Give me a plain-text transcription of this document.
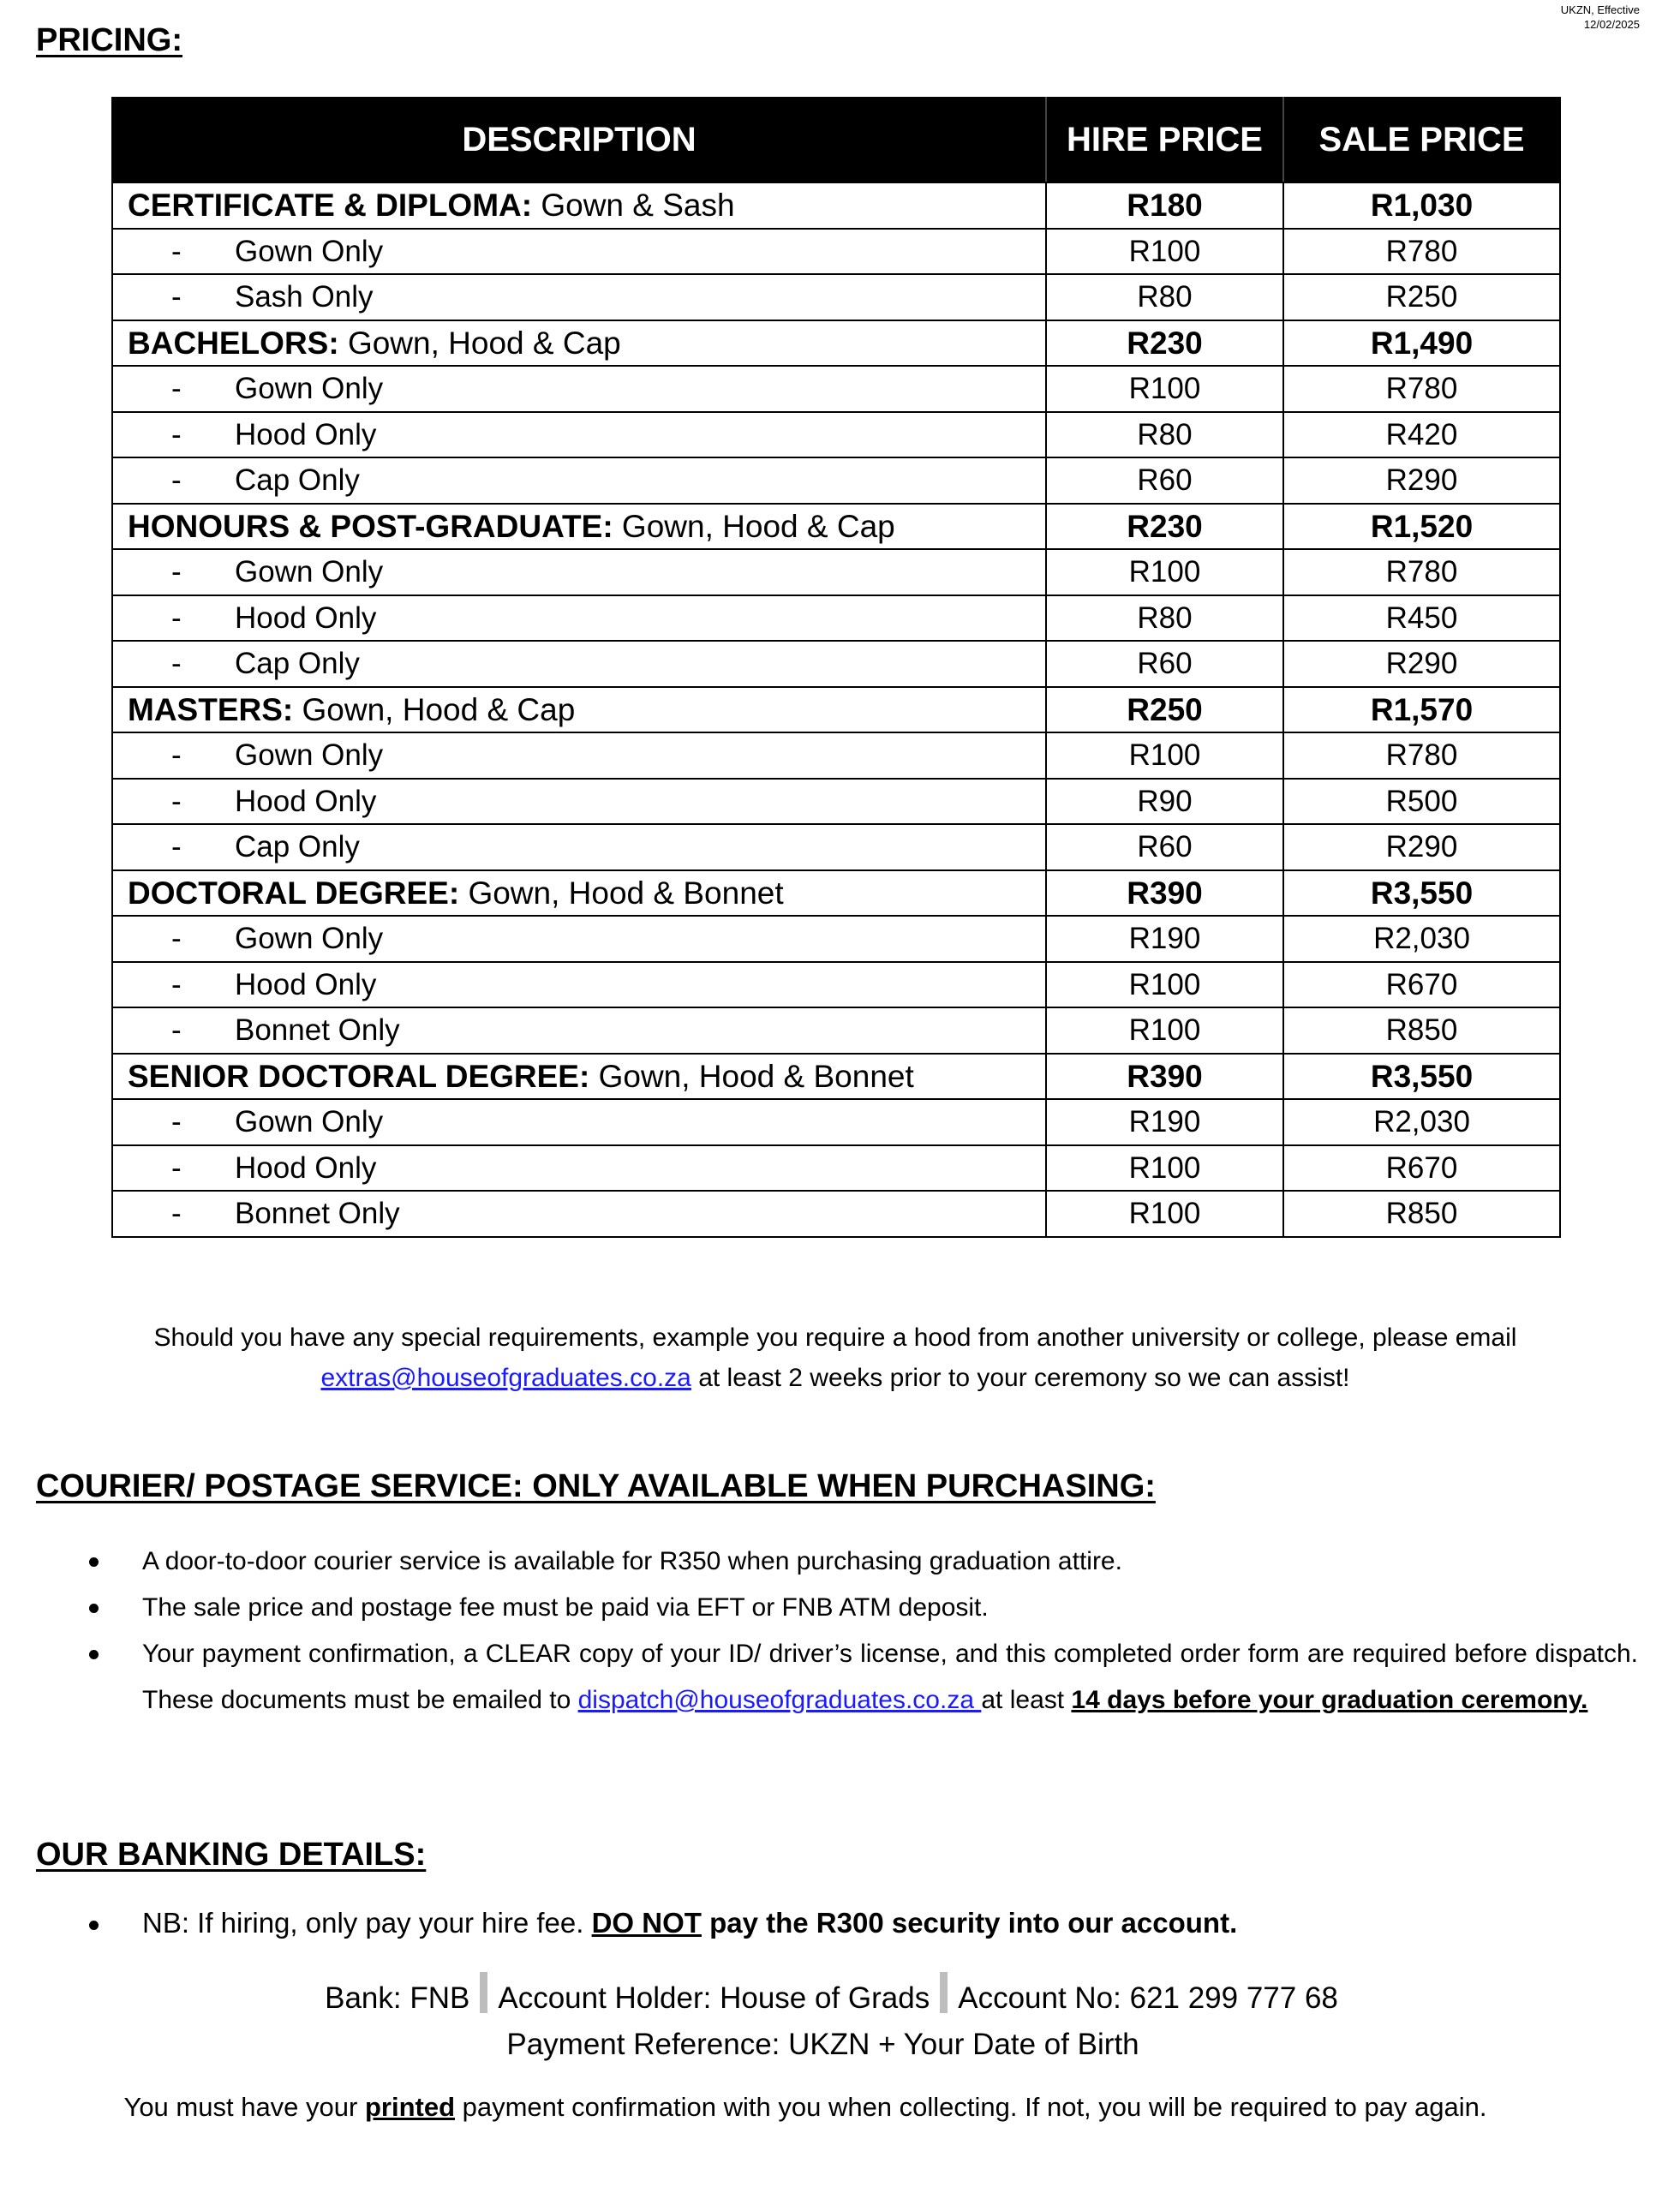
UKZN, Effective
12/02/2025
PRICING:
DESCRIPTION	HIRE PRICE	SALE PRICE
CERTIFICATE & DIPLOMA: Gown & Sash	R180	R1,030
- Gown Only	R100	R780
- Sash Only	R80	R250
BACHELORS: Gown, Hood & Cap	R230	R1,490
- Gown Only	R100	R780
- Hood Only	R80	R420
- Cap Only	R60	R290
HONOURS & POST-GRADUATE: Gown, Hood & Cap	R230	R1,520
- Gown Only	R100	R780
- Hood Only	R80	R450
- Cap Only	R60	R290
MASTERS: Gown, Hood & Cap	R250	R1,570
- Gown Only	R100	R780
- Hood Only	R90	R500
- Cap Only	R60	R290
DOCTORAL DEGREE: Gown, Hood & Bonnet	R390	R3,550
- Gown Only	R190	R2,030
- Hood Only	R100	R670
- Bonnet Only	R100	R850
SENIOR DOCTORAL DEGREE: Gown, Hood & Bonnet	R390	R3,550
- Gown Only	R190	R2,030
- Hood Only	R100	R670
- Bonnet Only	R100	R850
Should you have any special requirements, example you require a hood from another university or college, please email
extras@houseofgraduates.co.za at least 2 weeks prior to your ceremony so we can assist!
COURIER/ POSTAGE SERVICE: ONLY AVAILABLE WHEN PURCHASING:
A door-to-door courier service is available for R350 when purchasing graduation attire.
The sale price and postage fee must be paid via EFT or FNB ATM deposit.
Your payment confirmation, a CLEAR copy of your ID/ driver’s license, and this completed order form are required before dispatch. These documents must be emailed to dispatch@houseofgraduates.co.za at least 14 days before your graduation ceremony.
OUR BANKING DETAILS:
NB: If hiring, only pay your hire fee. DO NOT pay the R300 security into our account.
Bank: FNB Account Holder: House of Grads Account No: 621 299 777 68
Payment Reference: UKZN + Your Date of Birth
You must have your printed payment confirmation with you when collecting. If not, you will be required to pay again.
